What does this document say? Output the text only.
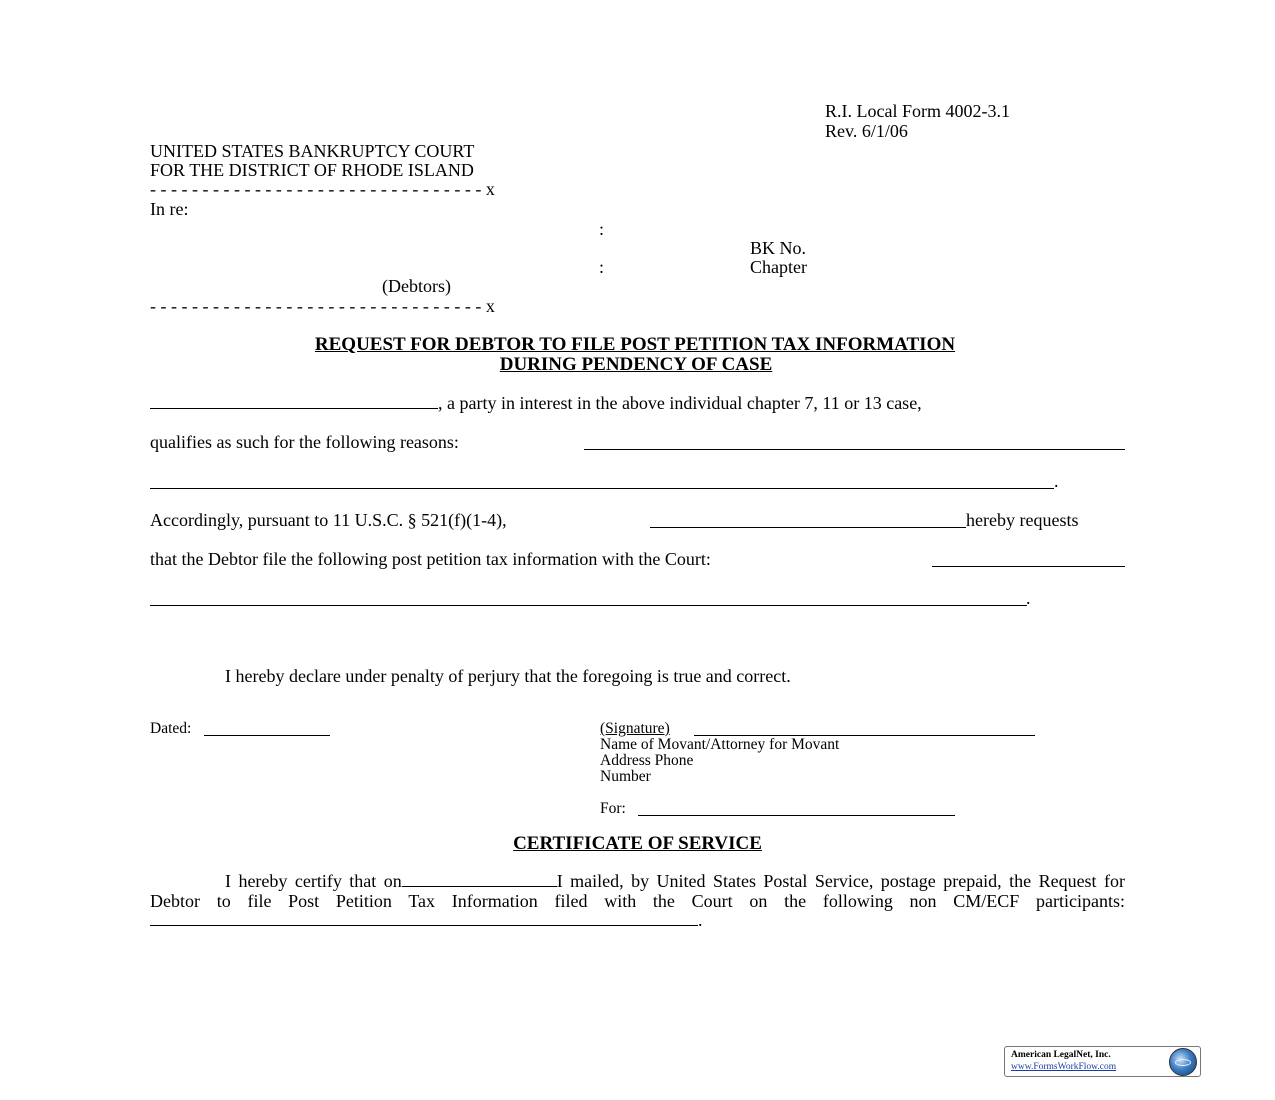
R.I. Local Form 4002-3.1
Rev. 6/1/06
UNITED STATES BANKRUPTCY COURT
FOR THE DISTRICT OF RHODE ISLAND
- - - - - - - - - - - - - - - - - - - - - - - - - - - - - - - - x
In re:
:
BK No.
:	Chapter
(Debtors)
- - - - - - - - - - - - - - - - - - - - - - - - - - - - - - - - x
REQUEST FOR DEBTOR TO FILE POST PETITION TAX INFORMATION
DURING PENDENCY OF CASE
, a party in interest in the above individual chapter 7, 11 or 13 case,
qualifies as such for the following reasons:
.
Accordingly, pursuant to 11 U.S.C. § 521(f)(1-4),	hereby requests
that the Debtor file the following post petition tax information with the Court:
.
I hereby declare under penalty of perjury that the foregoing is true and correct.
Dated:	(Signature)
Name of Movant/Attorney for Movant
Address Phone
Number
For:
CERTIFICATE OF SERVICE
I hereby certify that on	I mailed, by United States Postal Service, postage prepaid, the Request for Debtor to file Post Petition Tax Information filed with the Court on the following non CM/ECF participants:.
American LegalNet, Inc.
www.FormsWorkFlow.com
